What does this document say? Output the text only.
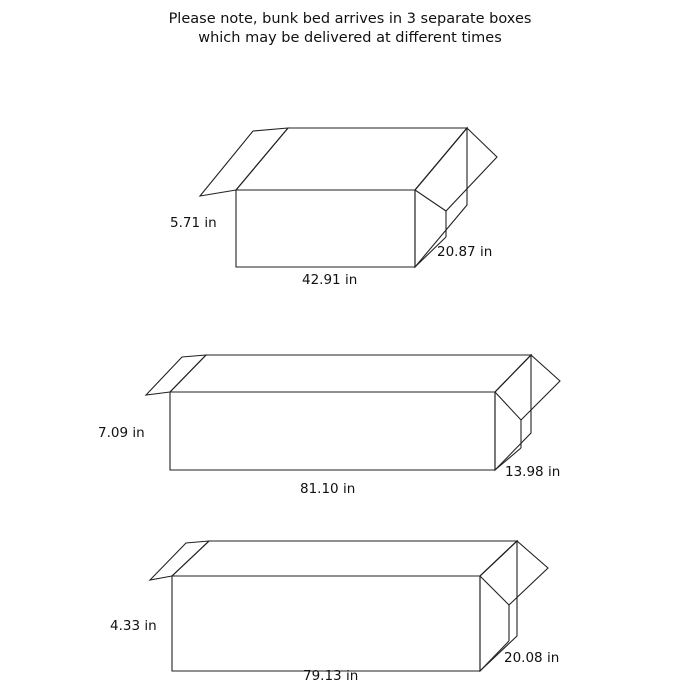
Please note, bunk bed arrives in 3 separate boxes
which may be delivered at different times
5.71 in
20.87 in
42.91 in
7.09 in
13.98 in
81.10 in
4.33 in
20.08 in
79.13 in
